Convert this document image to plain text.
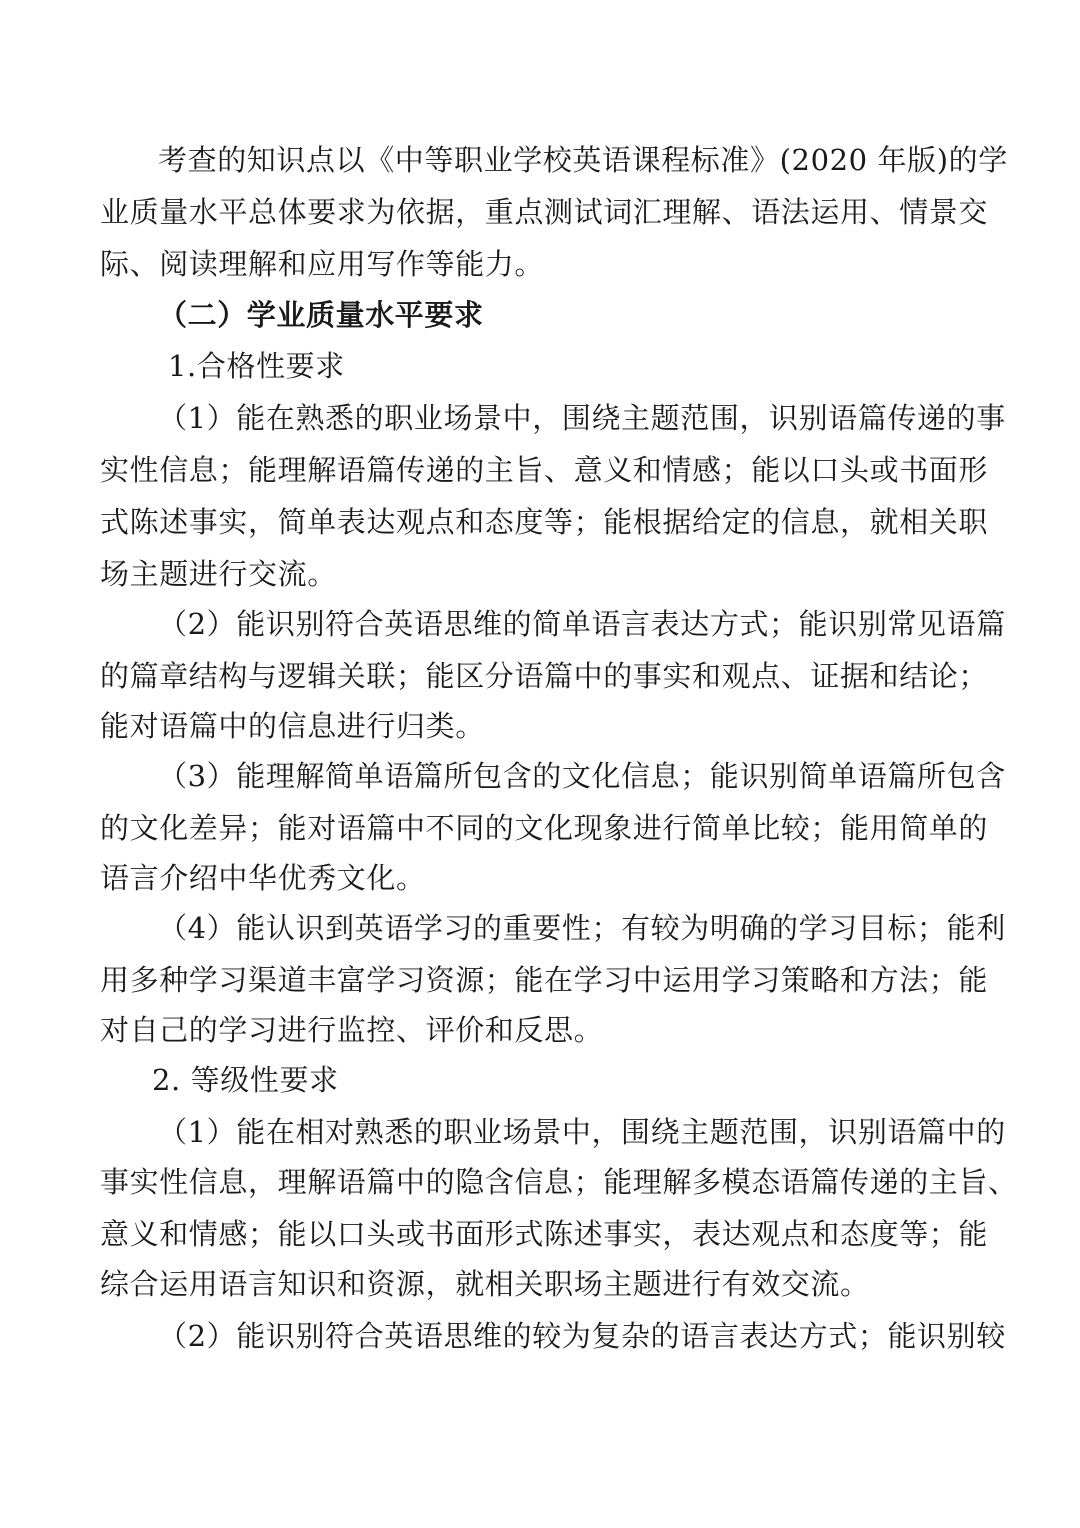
考查的知识点以《中等职业学校英语课程标准》(2020 年版)的学
业质量水平总体要求为依据，重点测试词汇理解、语法运用、情景交
际、阅读理解和应用写作等能力。
（二）学业质量水平要求
1.合格性要求
（1）能在熟悉的职业场景中，围绕主题范围，识别语篇传递的事
实性信息；能理解语篇传递的主旨、意义和情感；能以口头或书面形
式陈述事实，简单表达观点和态度等；能根据给定的信息，就相关职
场主题进行交流。
（2）能识别符合英语思维的简单语言表达方式；能识别常见语篇
的篇章结构与逻辑关联；能区分语篇中的事实和观点、证据和结论；
能对语篇中的信息进行归类。
（3）能理解简单语篇所包含的文化信息；能识别简单语篇所包含
的文化差异；能对语篇中不同的文化现象进行简单比较；能用简单的
语言介绍中华优秀文化。
（4）能认识到英语学习的重要性；有较为明确的学习目标；能利
用多种学习渠道丰富学习资源；能在学习中运用学习策略和方法；能
对自己的学习进行监控、评价和反思。
2. 等级性要求
（1）能在相对熟悉的职业场景中，围绕主题范围，识别语篇中的
事实性信息，理解语篇中的隐含信息；能理解多模态语篇传递的主旨、
意义和情感；能以口头或书面形式陈述事实，表达观点和态度等；能
综合运用语言知识和资源，就相关职场主题进行有效交流。
（2）能识别符合英语思维的较为复杂的语言表达方式；能识别较
